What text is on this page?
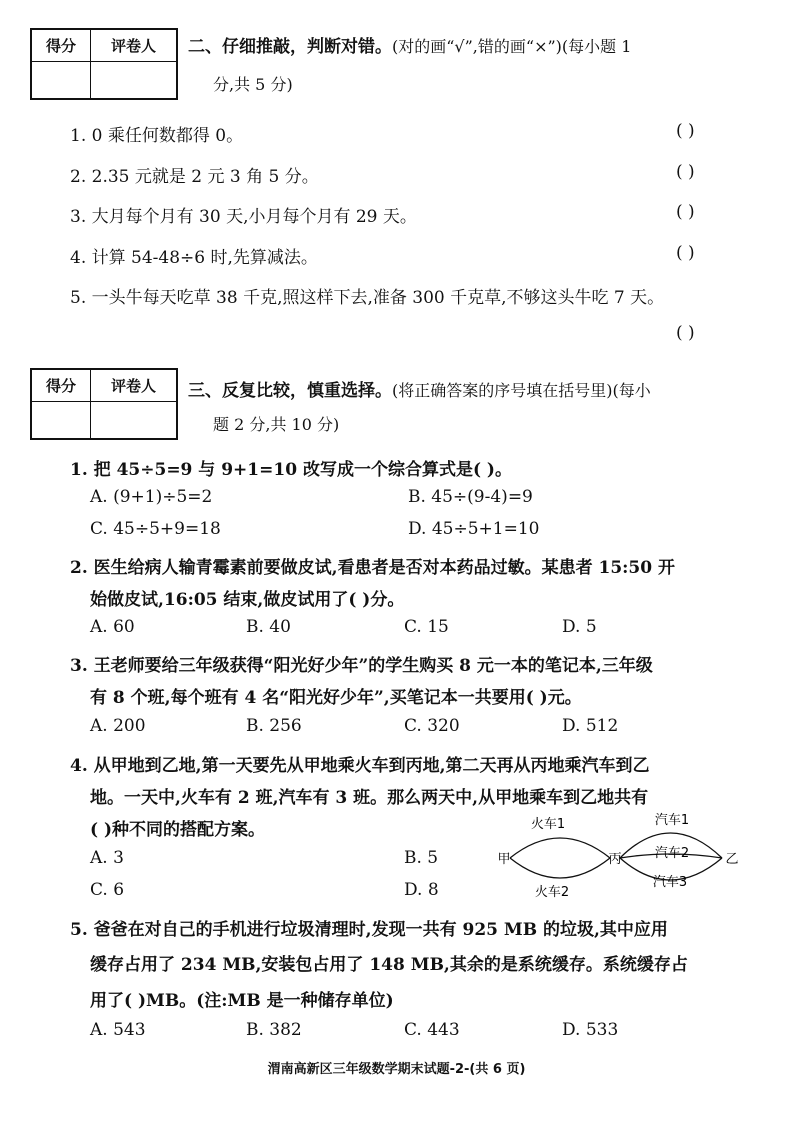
得分	评卷人
	二、仔细推敲，判断对错。(对的画“√”,错的画“×”)(每小题 1
分,共 5 分)
1. 0 乘任何数都得 0。	( )
2. 2.35 元就是 2 元 3 角 5 分。	( )
3. 大月每个月有 30 天,小月每个月有 29 天。	( )
4. 计算 54-48÷6 时,先算减法。	( )
5. 一头牛每天吃草 38 千克,照这样下去,准备 300 千克草,不够这头牛吃 7 天。
( )
得分	评卷人
	三、反复比较，慎重选择。(将正确答案的序号填在括号里)(每小
题 2 分,共 10 分)
1. 把 45÷5=9 与 9+1=10 改写成一个综合算式是( )。
A. (9+1)÷5=2	B. 45÷(9-4)=9
C. 45÷5+9=18	D. 45÷5+1=10
2. 医生给病人输青霉素前要做皮试,看患者是否对本药品过敏。某患者 15:50 开
始做皮试,16:05 结束,做皮试用了( )分。
A. 60	B. 40	C. 15	D. 5
3. 王老师要给三年级获得“阳光好少年”的学生购买 8 元一本的笔记本,三年级
有 8 个班,每个班有 4 名“阳光好少年”,买笔记本一共要用( )元。
A. 200	B. 256	C. 320	D. 512
4. 从甲地到乙地,第一天要先从甲地乘火车到丙地,第二天再从丙地乘汽车到乙
地。一天中,火车有 2 班,汽车有 3 班。那么两天中,从甲地乘车到乙地共有
( )种不同的搭配方案。
A. 3	B. 5
C. 6	D. 8
甲	丙	乙
火车1
火车2
汽车1
汽车2
汽车3
5. 爸爸在对自己的手机进行垃圾清理时,发现一共有 925 MB 的垃圾,其中应用
缓存占用了 234 MB,安装包占用了 148 MB,其余的是系统缓存。系统缓存占
用了( )MB。(注:MB 是一种储存单位)
A. 543	B. 382	C. 443	D. 533
渭南高新区三年级数学期末试题-2-(共 6 页)
